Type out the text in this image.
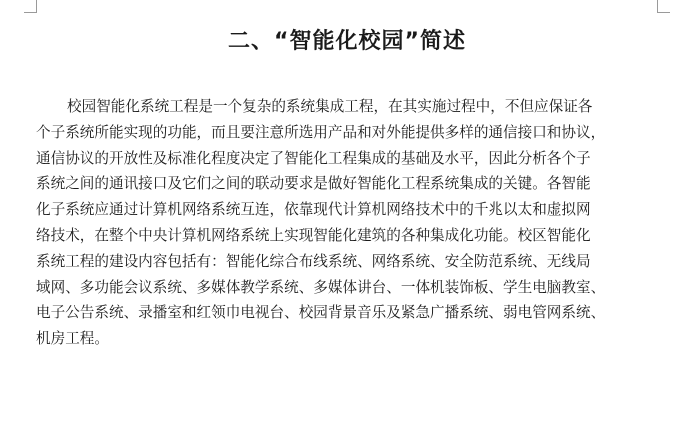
二、“智能化校园”简述
校园智能化系统工程是一个复杂的系统集成工程，在其实施过程中，不但应保证各
个子系统所能实现的功能，而且要注意所选用产品和对外能提供多样的通信接口和协议，
通信协议的开放性及标准化程度决定了智能化工程集成的基础及水平，因此分析各个子
系统之间的通讯接口及它们之间的联动要求是做好智能化工程系统集成的关键。各智能
化子系统应通过计算机网络系统互连，依靠现代计算机网络技术中的千兆以太和虚拟网
络技术，在整个中央计算机网络系统上实现智能化建筑的各种集成化功能。校区智能化
系统工程的建设内容包括有：智能化综合布线系统、网络系统、安全防范系统、无线局
域网、多功能会议系统、多媒体教学系统、多媒体讲台、一体机装饰板、学生电脑教室、
电子公告系统、录播室和红领巾电视台、校园背景音乐及紧急广播系统、弱电管网系统、
机房工程。
